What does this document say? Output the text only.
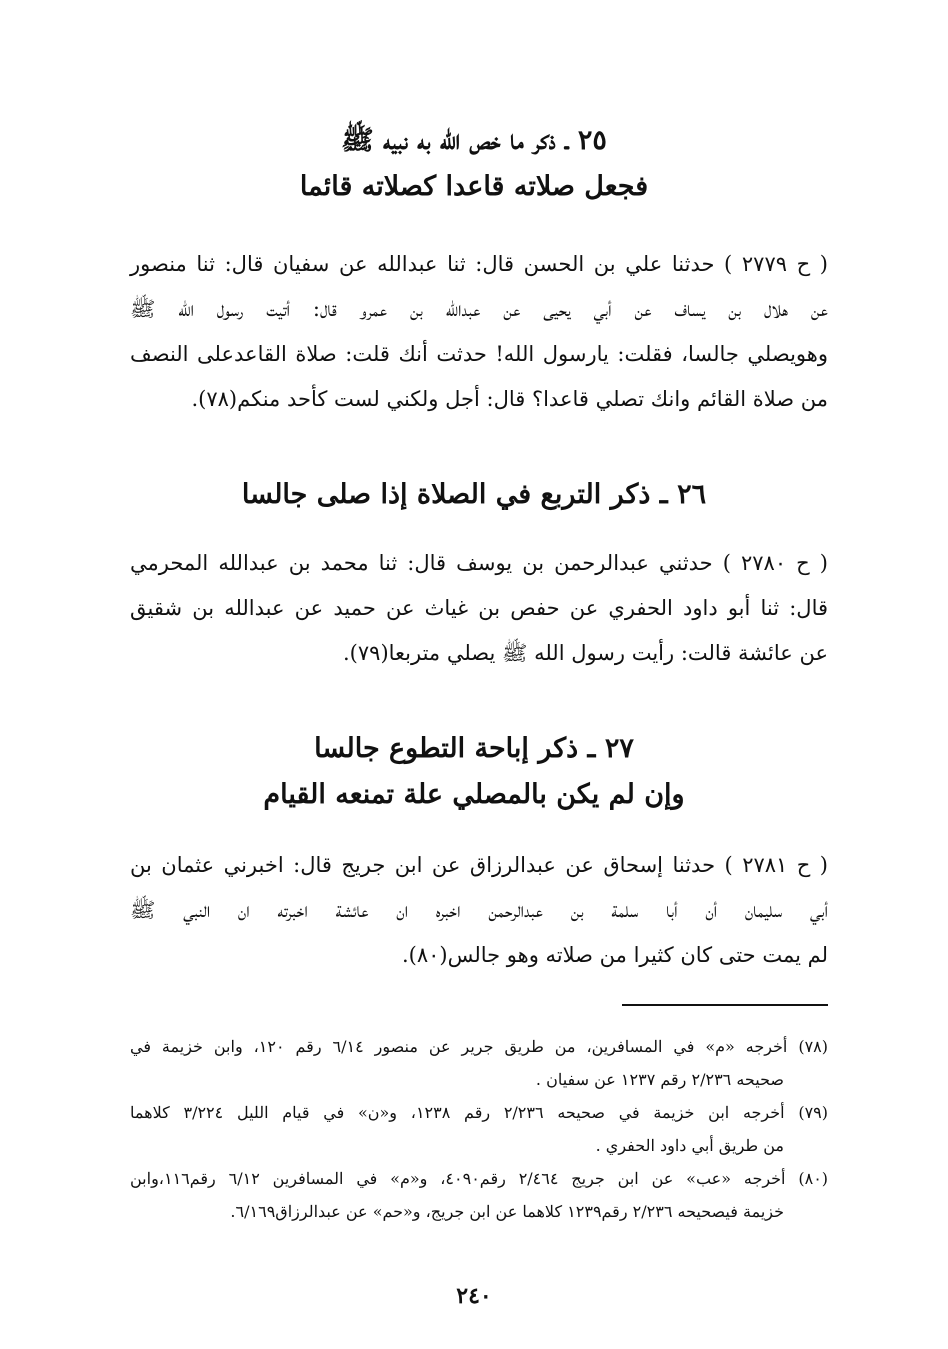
٢٥ ـ ذكر ما خص الله به نبيه ﷺ
فجعل صلاته قاعدا كصلاته قائما
( ح ٢٧٧٩ ) حدثنا علي بن الحسن قال: ثنا عبدالله عن سفيان قال: ثنا منصور
عن هلال بن يساف عن أبي يحيى عن عبدالله بن عمرو قال: أتيت رسول الله ﷺ
وهويصلي جالسا، فقلت: يارسول الله! حدثت أنك قلت: صلاة القاعدعلى النصف
من صلاة القائم وانك تصلي قاعدا؟ قال: أجل ولكني لست كأحد منكم(٧٨).
٢٦ ـ ذكر التربع في الصلاة إذا صلى جالسا
( ح ٢٧٨٠ ) حدثني عبدالرحمن بن يوسف قال: ثنا محمد بن عبدالله المحرمي
قال: ثنا أبو داود الحفري عن حفص بن غياث عن حميد عن عبدالله بن شقيق
عن عائشة قالت: رأيت رسول الله ﷺ يصلي متربعا(٧٩).
٢٧ ـ ذكر إباحة التطوع جالسا
وإن لم يكن بالمصلي علة تمنعه القيام
( ح ٢٧٨١ ) حدثنا إسحاق عن عبدالرزاق عن ابن جريج قال: اخبرني عثمان بن
أبي سليمان أن أبا سلمة بن عبدالرحمن اخبره ان عائشة اخبرته ان النبي ﷺ
لم يمت حتى كان كثيرا من صلاته وهو جالس(٨٠).
(٧٨) أخرجه «م» في المسافرين، من طريق جرير عن منصور ٦/١٤ رقم ١٢٠، وابن خزيمة في
صحيحه ٢/٢٣٦ رقم ١٢٣٧ عن سفيان .
(٧٩) أخرجه ابن خزيمة في صحيحه ٢/٢٣٦ رقم ١٢٣٨، و«ن» في قيام الليل ٣/٢٢٤ كلاهما
من طريق أبي داود الحفري .
(٨٠) أخرجه «عب» عن ابن جريج ٢/٤٦٤ رقم٤٠٩٠، و«م» في المسافرين ٦/١٢ رقم١١٦،وابن
خزيمة فيصحيحه ٢/٢٣٦ رقم١٢٣٩ كلاهما عن ابن جريج، و«حم» عن عبدالرزاق٦/١٦٩.
٢٤٠
